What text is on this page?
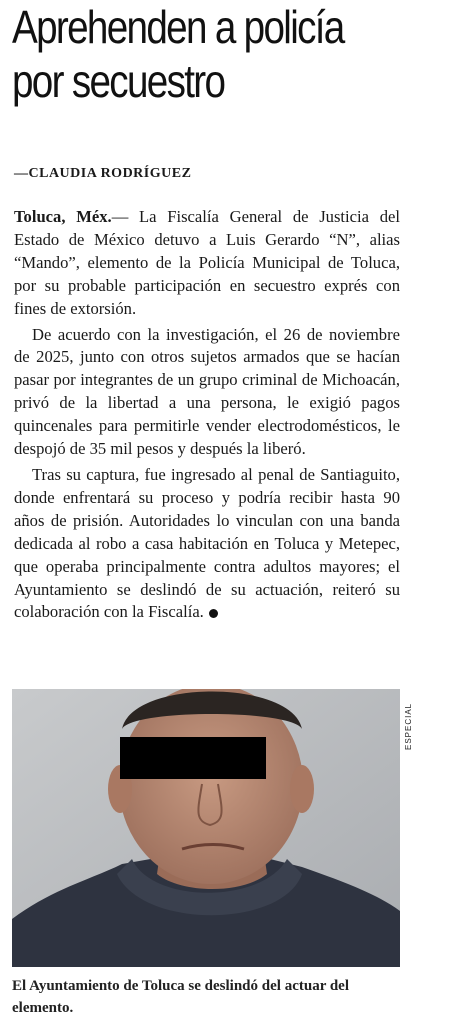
Aprehenden a policía
por secuestro
—CLAUDIA RODRÍGUEZ

Toluca, Méx.— La Fiscalía General de Justicia del Estado de México detuvo a Luis Gerardo “N”, alias “Mando”, elemento de la Policía Municipal de Toluca, por su probable participación en secuestro exprés con fines de extorsión.

De acuerdo con la investigación, el 26 de noviembre de 2025, junto con otros sujetos armados que se hacían pasar por integrantes de un grupo criminal de Michoacán, privó de la libertad a una persona, le exigió pagos quincenales para permitirle vender electrodomésticos, le despojó de 35 mil pesos y después la liberó.

Tras su captura, fue ingresado al penal de Santiaguito, donde enfrentará su proceso y podría recibir hasta 90 años de prisión. Autoridades lo vinculan con una banda dedicada al robo a casa habitación en Toluca y Metepec, que operaba principalmente contra adultos mayores; el Ayuntamiento se deslindó de su actuación, reiteró su colaboración con la Fiscalía.

ESPECIAL
El Ayuntamiento de Toluca se deslindó del actuar del elemento.
